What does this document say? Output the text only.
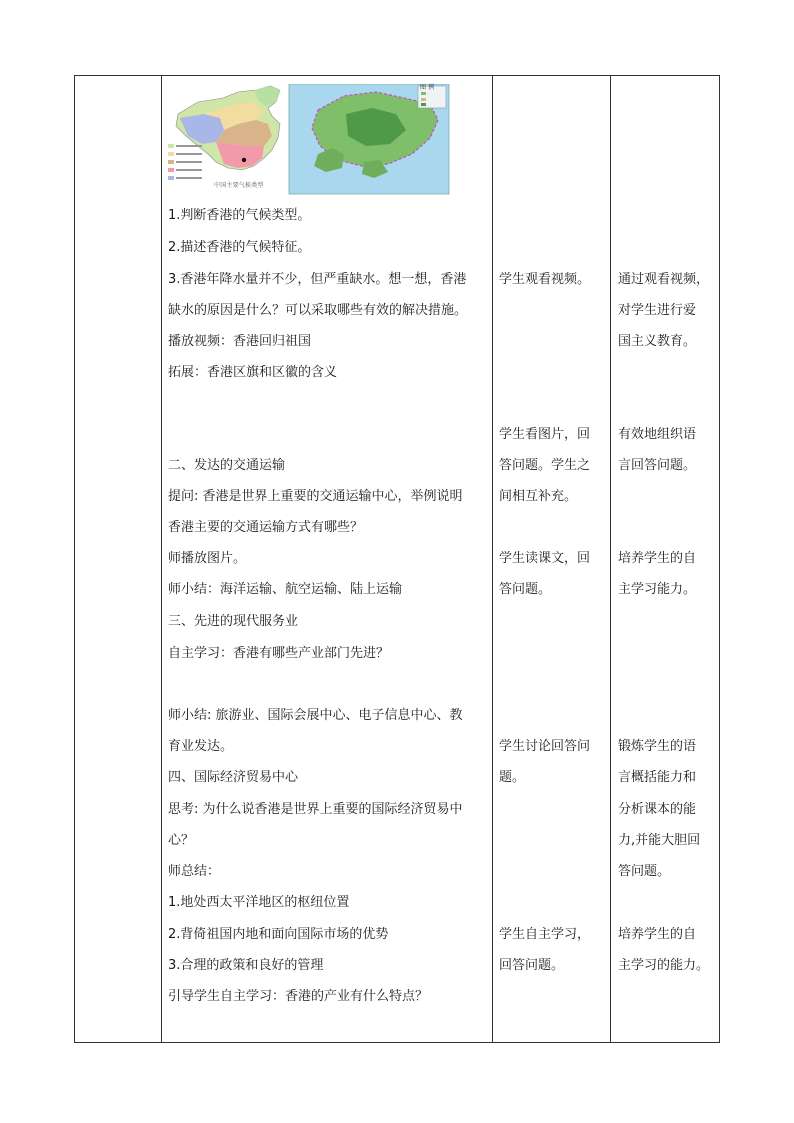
中国主要气候类型
图 例
1.判断香港的气候类型。
2.描述香港的气候特征。
3.香港年降水量并不少，但严重缺水。想一想，香港
缺水的原因是什么？可以采取哪些有效的解决措施。
播放视频：香港回归祖国
拓展：香港区旗和区徽的含义
二、发达的交通运输
提问: 香港是世界上重要的交通运输中心，举例说明
香港主要的交通运输方式有哪些？
师播放图片。
师小结：海洋运输、航空运输、陆上运输
三、先进的现代服务业
自主学习：香港有哪些产业部门先进？
师小结: 旅游业、国际会展中心、电子信息中心、教
育业发达。
四、国际经济贸易中心
思考: 为什么说香港是世界上重要的国际经济贸易中
心？
师总结：
1.地处西太平洋地区的枢纽位置
2.背倚祖国内地和面向国际市场的优势
3.合理的政策和良好的管理
引导学生自主学习：香港的产业有什么特点？
学生观看视频。
学生看图片，回
答问题。学生之
间相互补充。
学生读课文，回
答问题。
学生讨论回答问
题。
学生自主学习，
回答问题。
通过观看视频，
对学生进行爱
国主义教育。
有效地组织语
言回答问题。
培养学生的自
主学习能力。
锻炼学生的语
言概括能力和
分析课本的能
力,并能大胆回
答问题。
培养学生的自
主学习的能力。
